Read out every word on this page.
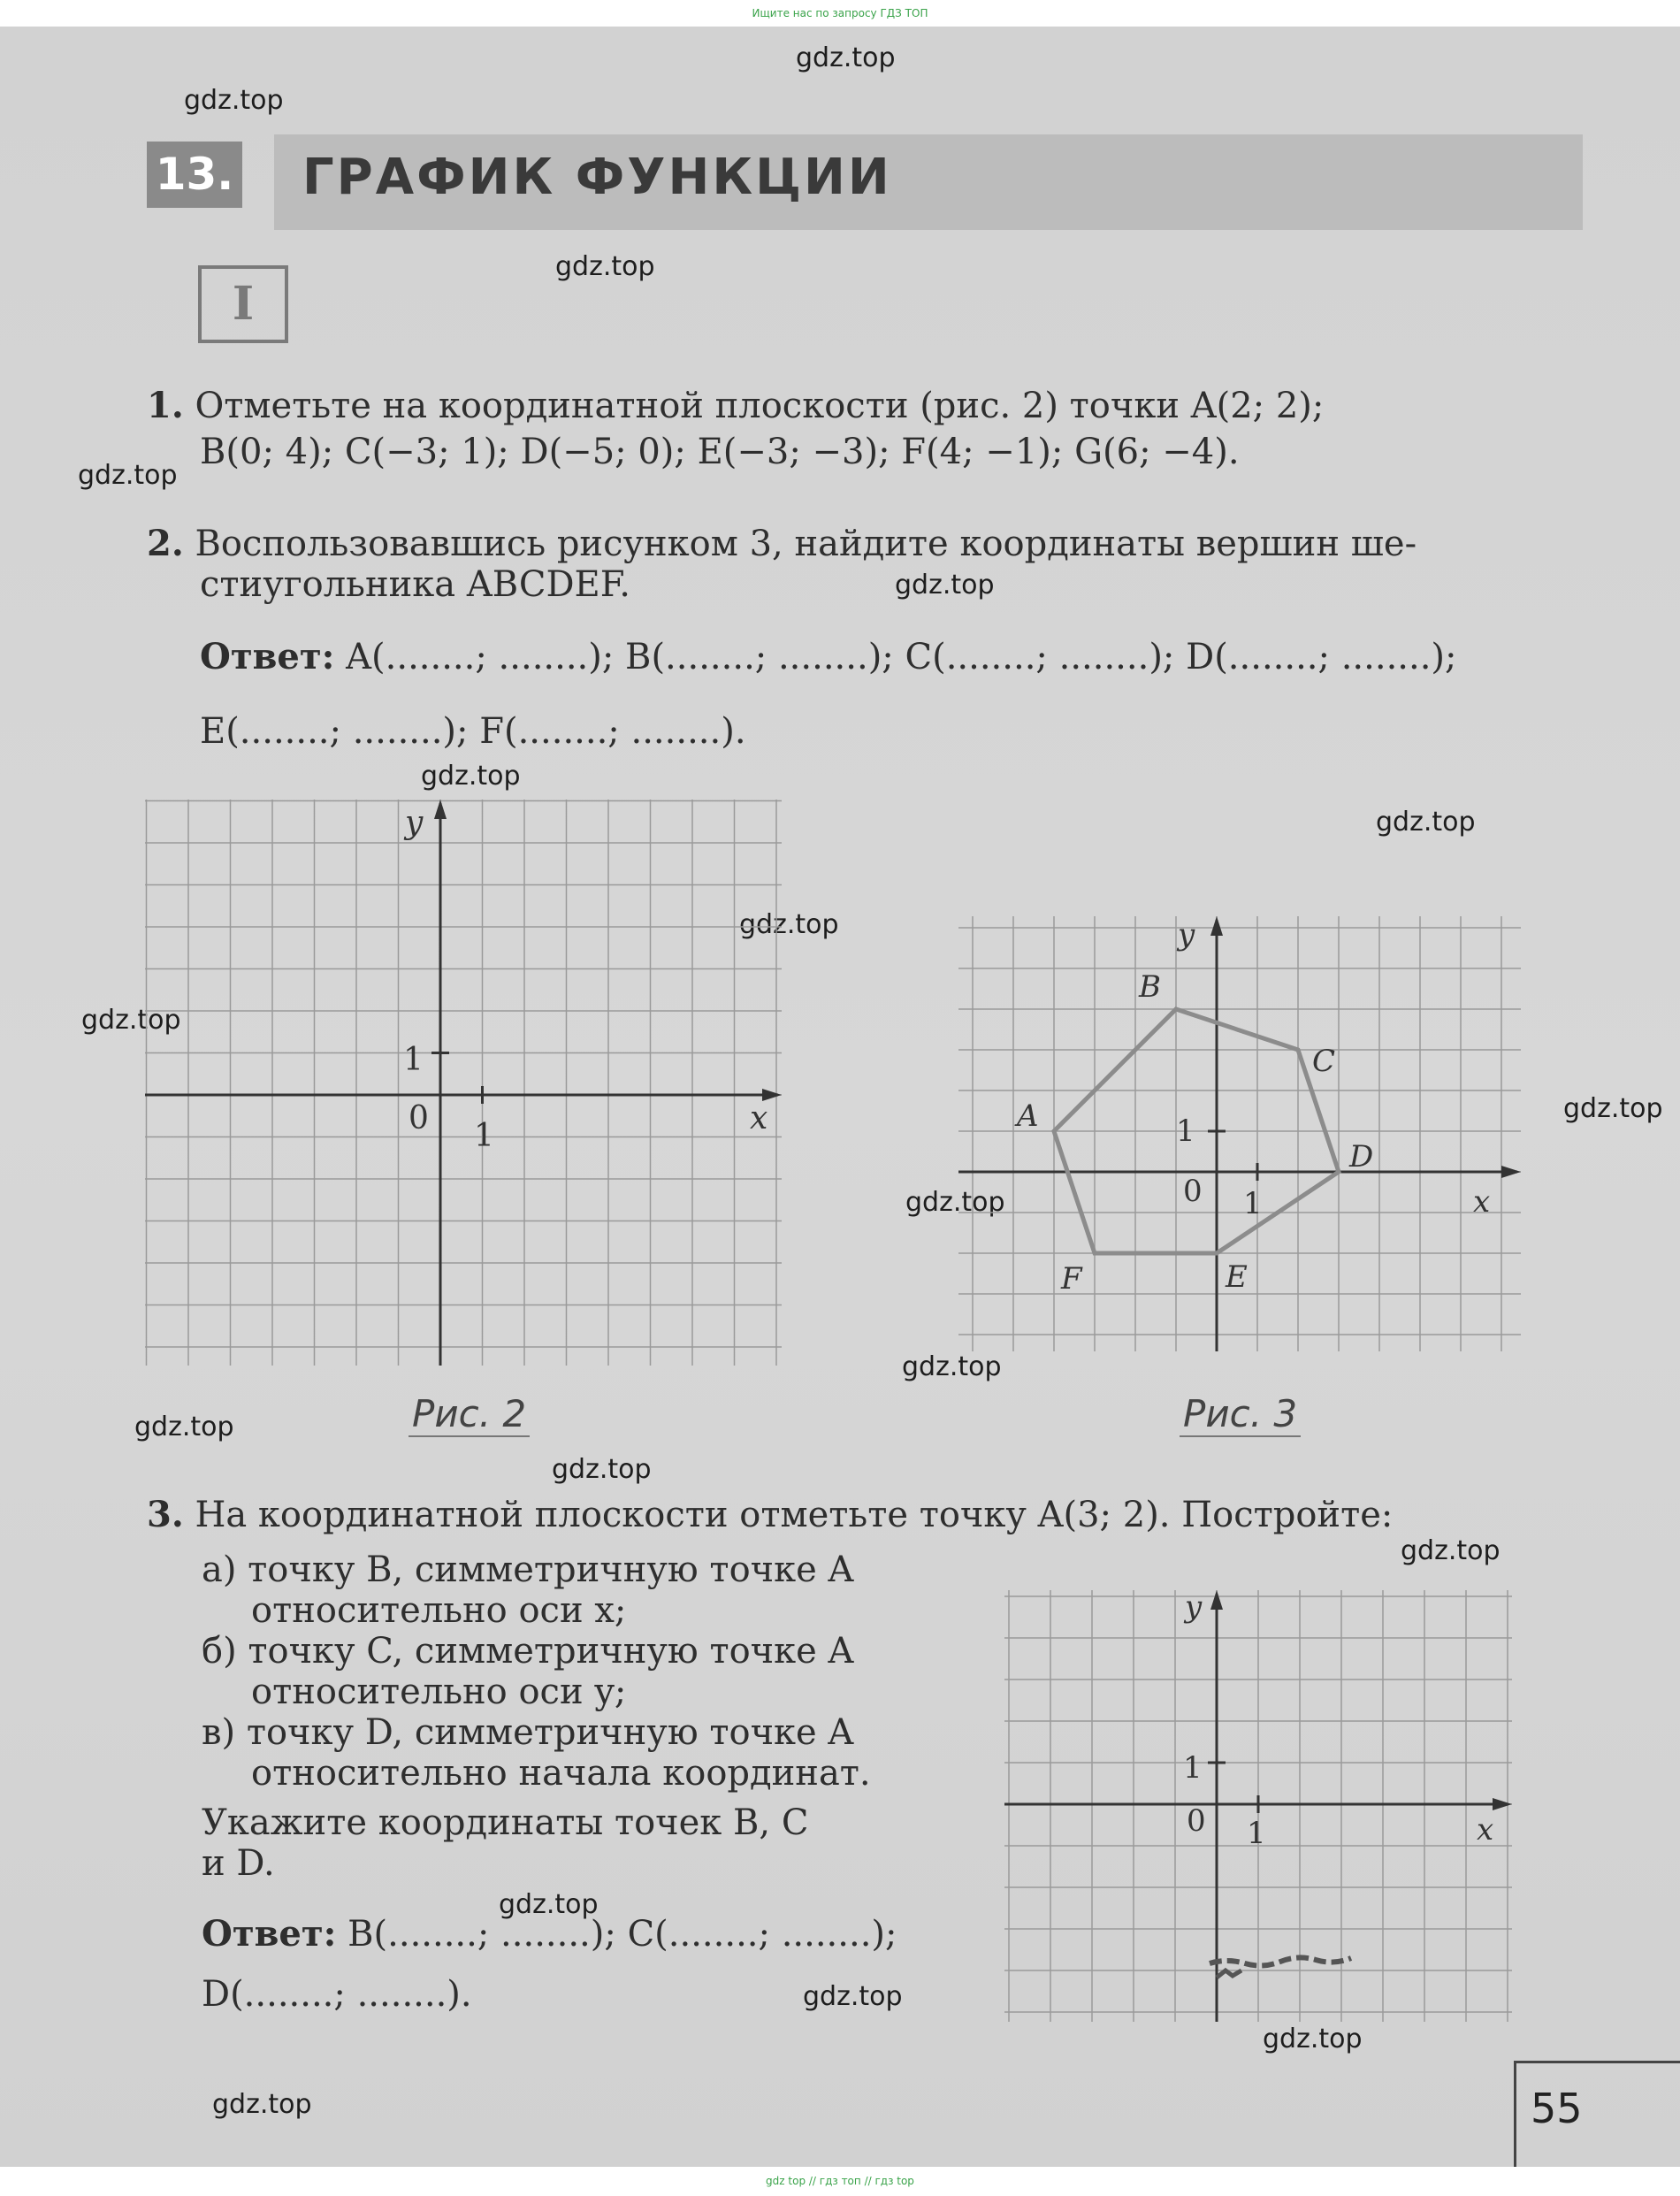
Ищите нас по запросу ГДЗ ТОП
gdz.top
gdz.top
gdz.top
gdz.top
gdz.top
gdz.top
gdz.top
gdz.top
gdz.top
gdz.top
gdz.top
gdz.top
gdz.top
gdz.top
gdz.top
gdz.top
gdz.top
gdz.top
gdz.top
13. ГРАФИК ФУНКЦИИ
I
1. Отметьте на координатной плоскости (рис. 2) точки A(2; 2);
B(0; 4); C(−3; 1); D(−5; 0); E(−3; −3); F(4; −1); G(6; −4).
2. Воспользовавшись рисунком 3, найдите координаты вершин ше-
стиугольника ABCDEF.
Ответ: A(........; ........); B(........; ........); C(........; ........); D(........; ........);
E(........; ........); F(........; ........).
y
x
0 1
1
Рис. 2
A
B
C
D
E
F
y
x
0 1
1
Рис. 3
3. На координатной плоскости отметьте точку A(3; 2). Постройте:
а) точку B, симметричную точке A
относительно оси x;
б) точку C, симметричную точке A
относительно оси y;
в) точку D, симметричную точке A
относительно начала координат.
Укажите координаты точек B, C
и D.
Ответ: B(........; ........); C(........; ........);
D(........; ........).
y
x
0 1
1
55
gdz top // гдз топ // гдз top
